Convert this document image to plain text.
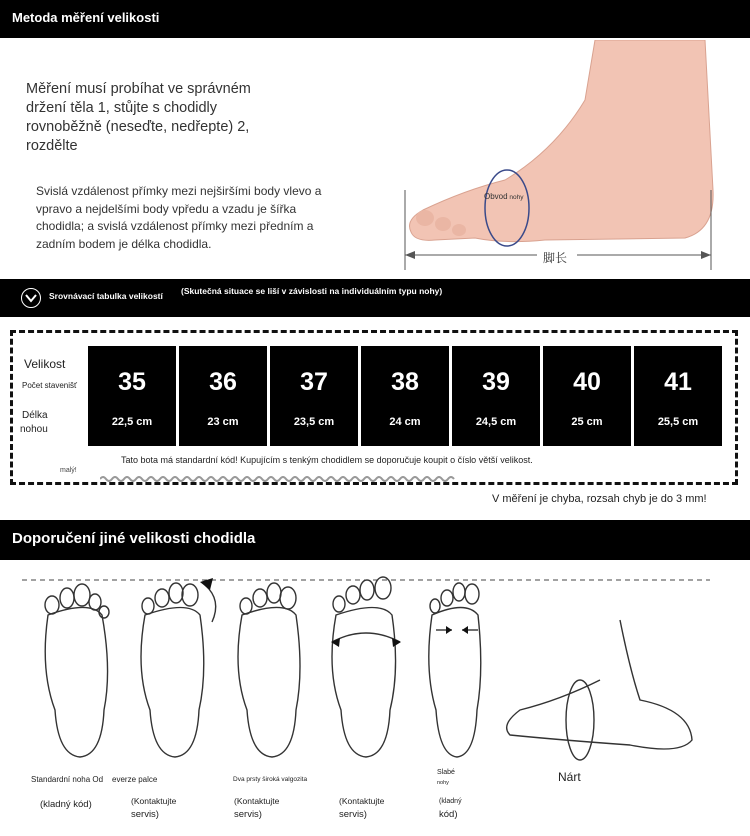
Metoda měření velikosti
Měření musí probíhat ve správném
držení těla 1, stůjte s chodidly
rovnoběžně (neseďte, nedřepte) 2,
rozdělte
Svislá vzdálenost přímky mezi nejširšími body vlevo a
vpravo a nejdelšími body vpředu a vzadu je šířka
chodidla; a svislá vzdálenost přímky mezi předním a
zadním bodem je délka chodidla.
Obvod nohy
脚长
Srovnávací tabulka velikostí (Skutečná situace se liší v závislosti na individuálním typu nohy)
Velikost
Počet stavenišť
Délka
nohou
35
22,5 cm
36
23 cm
37
23,5 cm
38
24 cm
39
24,5 cm
40
25 cm
41
25,5 cm
Tato bota má standardní kód! Kupujícím s tenkým chodidlem se doporučuje koupit o číslo větší velikost.
malý!
V měření je chyba, rozsah chyb je do 3 mm!
Doporučení jiné velikosti chodidla
Standardní noha Od
(kladný kód)
everze palce
(Kontaktujte
servis)
Dva prsty široká valgozita
(Kontaktujte
servis)
(Kontaktujte
servis)
Slabé
nohy
(kladný
kód)
Nárt
